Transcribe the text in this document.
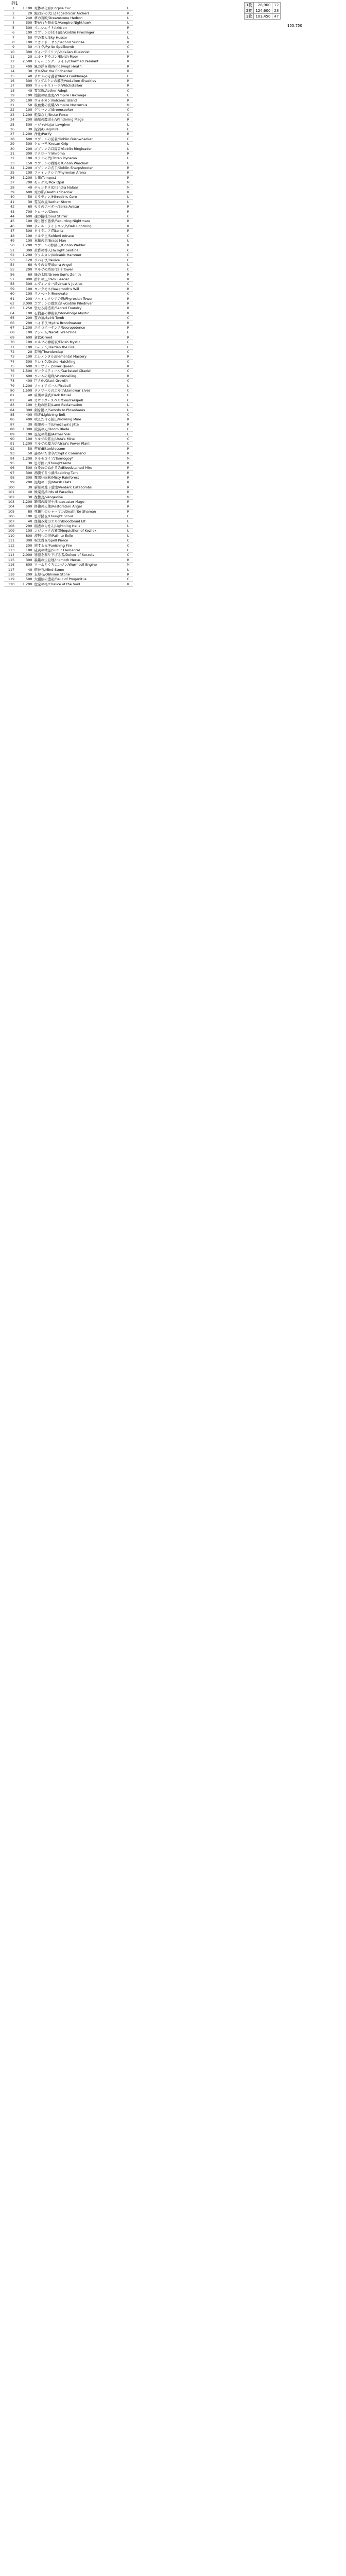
列1	1枚	28,900	12
2枚	124,600	28
3枚	103,450	47
155,750
1	1,100	死体の化身/Corpse Cur	U
2	20	鋸刃牙の大口/Jagged-Scar Archers	R
3	240	夢の宮殿/Dreamstone Hedron	U
4	300	繋がれた吸血鬼/Vampire Nighthawk	U
5	300	イニシエイト/Ixidron	R
6	100	ゴブリンの付け届け/Goblin Fireslinger	C
7	50	空の番人/Sky Hussar	U
8	100	セカンド・サン/Second Sunrise	R
9	30	パイヴ/Pyrite Spellbomb	C
10	300	ヴォーデイリア/Vodalian Illusionist	U
11	20	エル・ドラゴン/Elvish Piper	R
12	2,500	チャーミング・ライト/Charmed Pendant	R
13	400	風の浮き橋/Windswept Heath	R
14	30	ザル/Zur the Enchanter	R
15	40	ボロスの守護者/Boros Guildmage	U
16	300	ヴィダルケンの解放/Vedalken Shackles	R
17	800	ウィッチストーク/Witchstalker	R
18	40	霊気鎧/Aether Adept	C
19	100	地獄の吸血鬼/Vampire Hexmage	U
20	100	ヴォルカン/Volcanic Island	R
21	50	吸血鬼の夜鷲/Vampire Nocturnus	M
22	100	グリーンズ/Greenseeker	C
23	1,200	粗暴な力/Brute Force	C
24	200	遍歴の魔道士/Wandering Mage	R
25	500	ハジャ/Hajar Lawgiver	U
26	30	泥沼/Quagmire	U
27	1,200	浄化/Purify	R
28	600	ゴブリンの従者/Goblin Bushwhacker	C
29	300	クローサ/Krosan Grip	U
30	200	ゴブリンの首謀者/Goblin Ringleader	U
31	300	アクローマ/Akroma	R
32	100	スランの門/Thran Dynamo	U
33	150	ゴブリンの戦煽り/Goblin Warchief	U
34	1,200	ゴブリンの名手/Goblin Sharpshooter	R
35	100	ファイレクシア/Phyrexian Arena	R
36	1,200	大嵐/Tempest	R
37	700	モックス/Mox Opal	M
38	40	チャンドラ/Chandra Nalaar	M
39	600	死の影/Death's Shadow	R
40	50	ミラディン/Mirrodin's Core	U
41	30	霊気の嵐/Aether Storm	U
42	60	セラのアバター/Serra Avatar	R
43	700	クローン/Clone	R
44	600	魂の撹拌/Soul Stirrer	C
45	100	繰り返す悪夢/Recurring Nightmare	R
46	300	ボール・ライトニング/Ball Lightning	R
47	300	タイタニア/Titania	R
48	100	ソルデビ/Soldevi Adnate	C
49	100	真鍮の男/Brass Man	U
50	1,200	ゴブリンの修繕工/Goblin Welder	R
51	300	黄昏の番人/Twilight Sentinel	C
52	1,200	ヴァルカン/Volcanic Hammer	C
53	120	リバイヴ/Revive	C
54	60	セラの天使/Serra Angel	U
55	200	ウルザの塔/Urza's Tower	C
56	60	緑の太陽/Green Sun's Zenith	R
57	900	群れの王/Pack Leader	R
58	300	エヴィンカー/Evincar's Justice	C
59	100	ヨーグモス/Yawgmoth's Will	R
60	100	リノベート/Renovate	C
61	200	ファイレクシアの塔/Phyrexian Tower	R
62	3,000	ゴブリンの群衆追い/Goblin Piledriver	R
63	1,250	聖なる鋳造所/Sacred Foundry	R
64	100	石鍛冶の神秘家/Stoneforge Mystic	R
65	200	霊の墓/Spirit Tomb	C
66	200	ハイドラ/Hydra Broodmaster	R
67	1,200	ネクロポーテンス/Necropotence	R
68	100	ナシーム/Nacatl War-Pride	U
69	600	貪欲/Greed	R
70	100	エルフの神秘家/Elvish Mystic	C
71	100	ハーデン/Harden the Fire	C
72	20	雷鳴/Thunderclap	C
73	100	エレメンタル/Elemental Mastery	R
74	300	ドレイク/Drake Hatchling	C
75	600	スリヴァー/Sliver Queen	R
76	1,500	ダークスティール/Darksteel Citadel	C
77	600	ワームの咆哮/Wurmcalling	R
78	400	巨大化/Giant Growth	C
79	1,200	ファイアボール/Fireball	U
80	1,500	ラノワールのエルフ/Llanowar Elves	C
81	40	暗黒の儀式/Dark Ritual	C
82	40	カウンタースペル/Counterspell	C
83	100	土地の回収/Land Reclamation	U
84	300	剣を鋤に/Swords to Plowshares	U
85	400	稲妻/Lightning Bolt	C
86	400	吠えたける鉱山/Howling Mine	R
87	30	梅澤の十手/Umezawa's Jitte	R
88	1,300	破滅の刃/Doom Blade	C
89	100	霊気の薬瓶/Aether Vial	U
90	100	ウルザの鉱山/Urza's Mine	C
91	1,200	ウルザの魔力炉/Urza's Power Plant	C
92	50	苦花/Bitterblossom	R
93	50	謎めいた命令/Cryptic Command	R
94	1,200	タルモゴイフ/Tarmogoyf	M
95	30	思考囲い/Thoughtseize	R
96	500	血染めのぬかるみ/Bloodstained Mire	R
97	300	沸騰する小湖/Scalding Tarn	R
98	300	霧深い雨林/Misty Rainforest	R
99	200	湿地の干潟/Marsh Flats	R
100	30	新緑の地下墓地/Verdant Catacombs	R
101	40	極楽鳥/Birds of Paradise	R
102	30	復讐蔦/Vengevine	M
103	1,200	瞬唱の魔道士/Snapcaster Mage	R
104	500	修復の天使/Restoration Angel	R
105	80	死儀礼のシャーマン/Deathrite Shaman	R
106	100	思考掃き/Thought Scour	C
107	40	血編み髪のエルフ/Bloodbraid Elf	U
108	200	稲妻のらせん/Lightning Helix	U
109	100	コジレックの審問/Inquisition of Kozilek	U
110	800	流刑への道/Path to Exile	U
111	300	呪文貫き/Spell Pierce	C
112	200	罰する火/Punishing Fire	C
113	100	硫黄の精霊/Sulfur Elemental	U
114	2,000	秘密を掘り下げる者/Delver of Secrets	C
115	300	墨蛾の生息地/Inkmoth Nexus	R
116	600	ワームとぐろエンジン/Wurmcoil Engine	M
117	40	精神石/Mind Stone	U
118	200	忘却石/Oblivion Stone	R
119	500	大祖始の遺産/Relic of Progenitus	C
120	1,200	虚空の杯/Chalice of the Void	R
